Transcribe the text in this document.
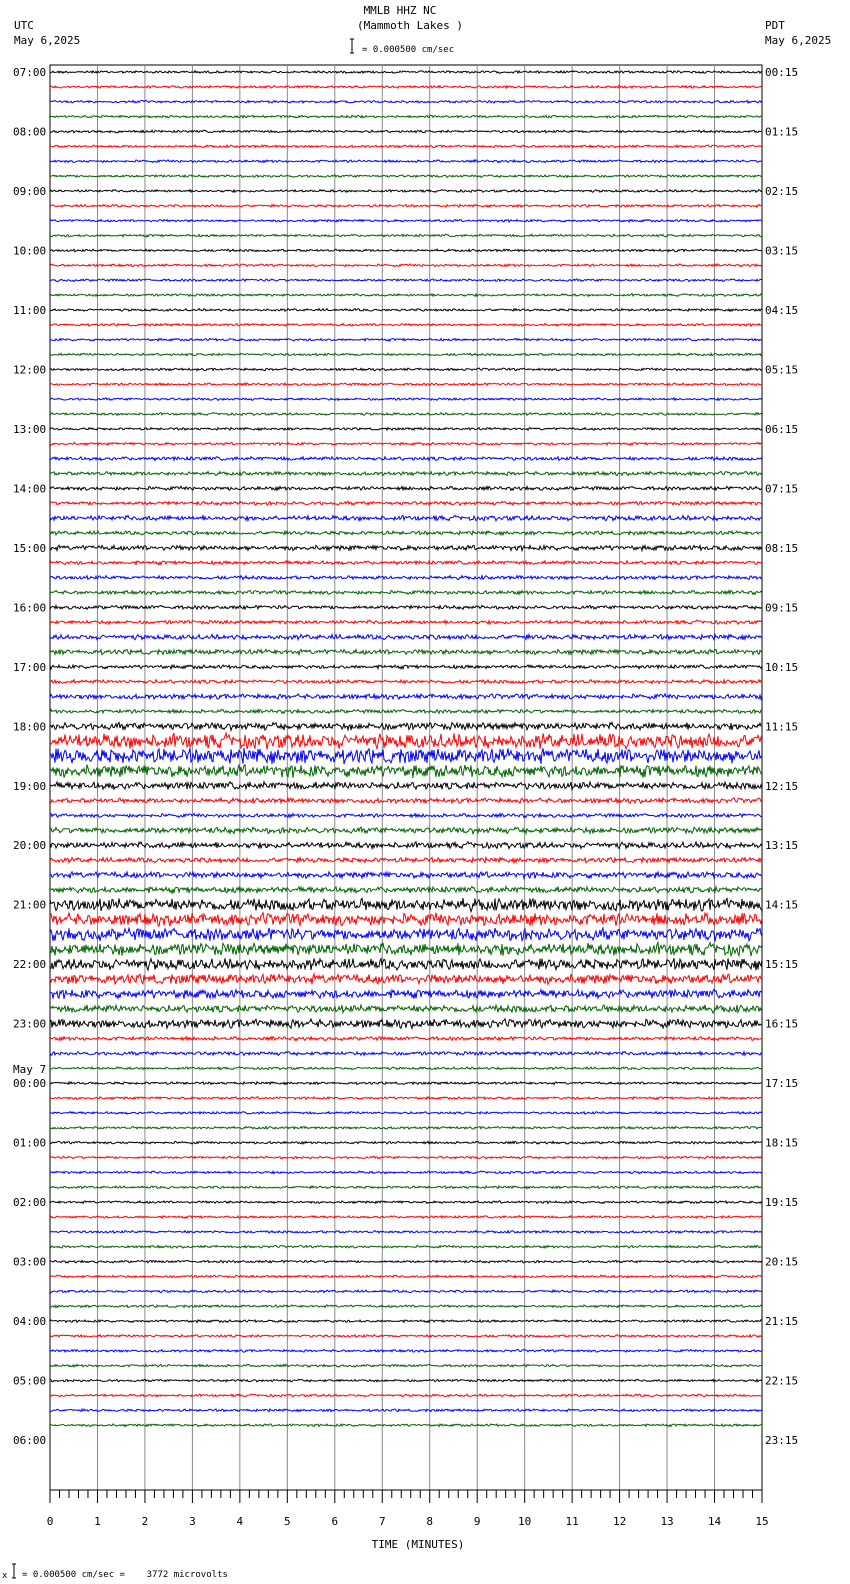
MMLB HHZ NC
(Mammoth Lakes )
UTC
May 6,2025
PDT
May 6,2025
= 0.000500 cm/sec
07:00	00:15
08:00	01:15
09:00	02:15
10:00	03:15
11:00	04:15
12:00	05:15
13:00	06:15
14:00	07:15
15:00	08:15
16:00	09:15
17:00	10:15
18:00	11:15
19:00	12:15
20:00	13:15
21:00	14:15
22:00	15:15
23:00	16:15
00:00	17:15
01:00	18:15
02:00	19:15
03:00	20:15
04:00	21:15
05:00	22:15
06:00	23:15
May 7
0	1	2	3	4	5	6	7	8	9	10	11	12	13	14	15
TIME (MINUTES)
x = 0.000500 cm/sec =    3772 microvolts
